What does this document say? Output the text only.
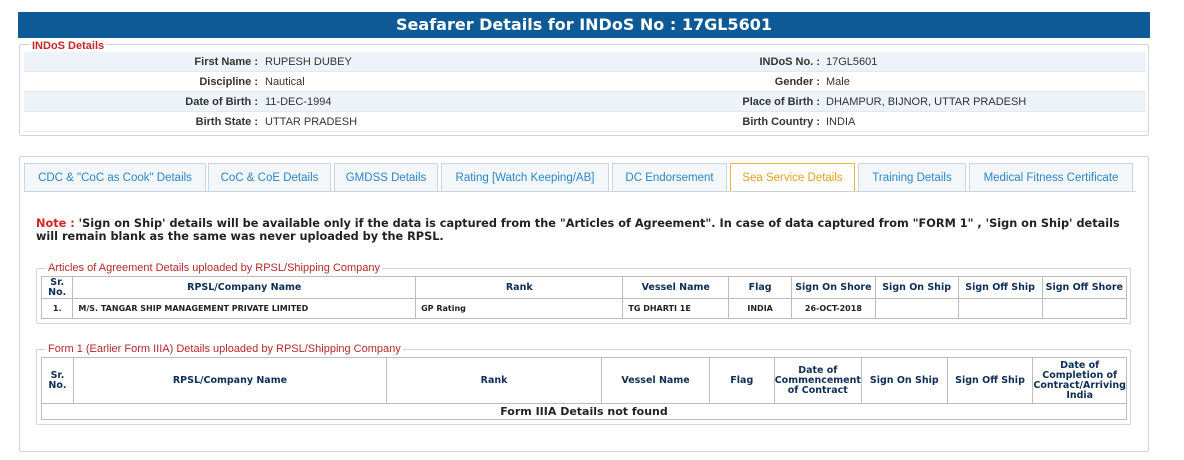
Seafarer Details for INDoS No : 17GL5601
INDoS Details
First Name : RUPESH DUBEY	INDoS No. : 17GL5601
Discipline : Nautical	Gender : Male
Date of Birth : 11-DEC-1994	Place of Birth : DHAMPUR, BIJNOR, UTTAR PRADESH
Birth State : UTTAR PRADESH	Birth Country : INDIA
CDC & "CoC as Cook" Details	CoC & CoE Details	GMDSS Details	Rating [Watch Keeping/AB]	DC Endorsement	Sea Service Details	Training Details	Medical Fitness Certificate
Note : 'Sign on Ship' details will be available only if the data is captured from the "Articles of Agreement". In case of data captured from "FORM 1" , 'Sign on Ship' details will remain blank as the same was never uploaded by the RPSL.
Articles of Agreement Details uploaded by RPSL/Shipping Company
Sr. No.	RPSL/Company Name	Rank	Vessel Name	Flag	Sign On Shore	Sign On Ship	Sign Off Ship	Sign Off Shore
1.	M/S. TANGAR SHIP MANAGEMENT PRIVATE LIMITED	GP Rating	TG DHARTI 1E	INDIA	26-OCT-2018			
Form 1 (Earlier Form IIIA) Details uploaded by RPSL/Shipping Company
Sr. No.	RPSL/Company Name	Rank	Vessel Name	Flag	Date of Commencement of Contract	Sign On Ship	Sign Off Ship	Date of Completion of Contract/Arriving India
Form IIIA Details not found
